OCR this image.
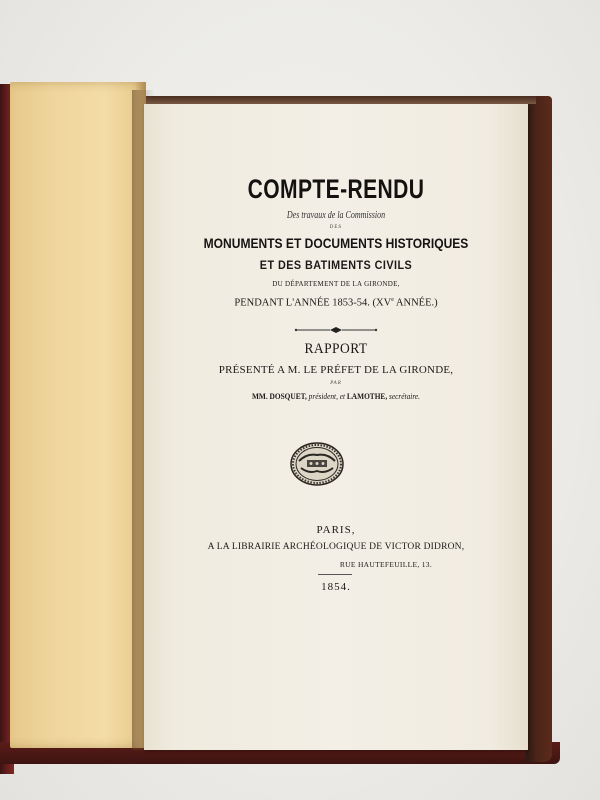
COMPTE-RENDU
Des travaux de la Commission
DES
MONUMENTS ET DOCUMENTS HISTORIQUES
ET DES BATIMENTS CIVILS
DU DÉPARTEMENT DE LA GIRONDE,
PENDANT L'ANNÉE 1853-54. (XVe ANNÉE.)
RAPPORT
PRÉSENTÉ A M. LE PRÉFET DE LA GIRONDE,
PAR
MM. DOSQUET, président, et LAMOTHE, secrétaire.
PARIS,
A LA LIBRAIRIE ARCHÉOLOGIQUE DE VICTOR DIDRON,
RUE HAUTEFEUILLE, 13.
1854.
